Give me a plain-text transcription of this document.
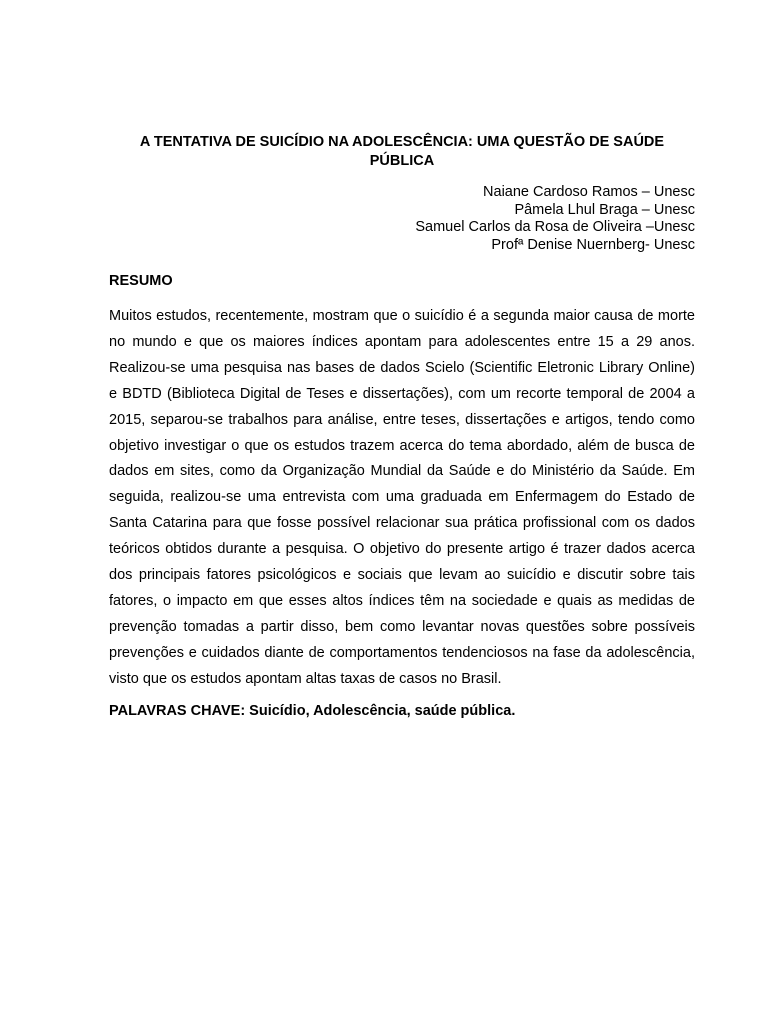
A TENTATIVA DE SUICÍDIO NA ADOLESCÊNCIA: UMA QUESTÃO DE SAÚDE PÚBLICA
Naiane Cardoso Ramos – Unesc
Pâmela Lhul Braga – Unesc
Samuel Carlos da Rosa de Oliveira –Unesc
Profª Denise Nuernberg- Unesc
RESUMO

Muitos estudos, recentemente, mostram que o suicídio é a segunda maior causa de morte no mundo e que os maiores índices apontam para adolescentes entre 15 a 29 anos. Realizou-se uma pesquisa nas bases de dados Scielo (Scientific Eletronic Library Online) e BDTD (Biblioteca Digital de Teses e dissertações), com um recorte temporal de 2004 a 2015, separou-se trabalhos para análise, entre teses, dissertações e artigos, tendo como objetivo investigar o que os estudos trazem acerca do tema abordado, além de busca de dados em sites, como da Organização Mundial da Saúde e do Ministério da Saúde. Em seguida, realizou-se uma entrevista com uma graduada em Enfermagem do Estado de Santa Catarina para que fosse possível relacionar sua prática profissional com os dados teóricos obtidos durante a pesquisa. O objetivo do presente artigo é trazer dados acerca dos principais fatores psicológicos e sociais que levam ao suicídio e discutir sobre tais fatores, o impacto em que esses altos índices têm na sociedade e quais as medidas de prevenção tomadas a partir disso, bem como levantar novas questões sobre possíveis prevenções e cuidados diante de comportamentos tendenciosos na fase da adolescência, visto que os estudos apontam altas taxas de casos no Brasil.

PALAVRAS CHAVE: Suicídio, Adolescência, saúde pública.
